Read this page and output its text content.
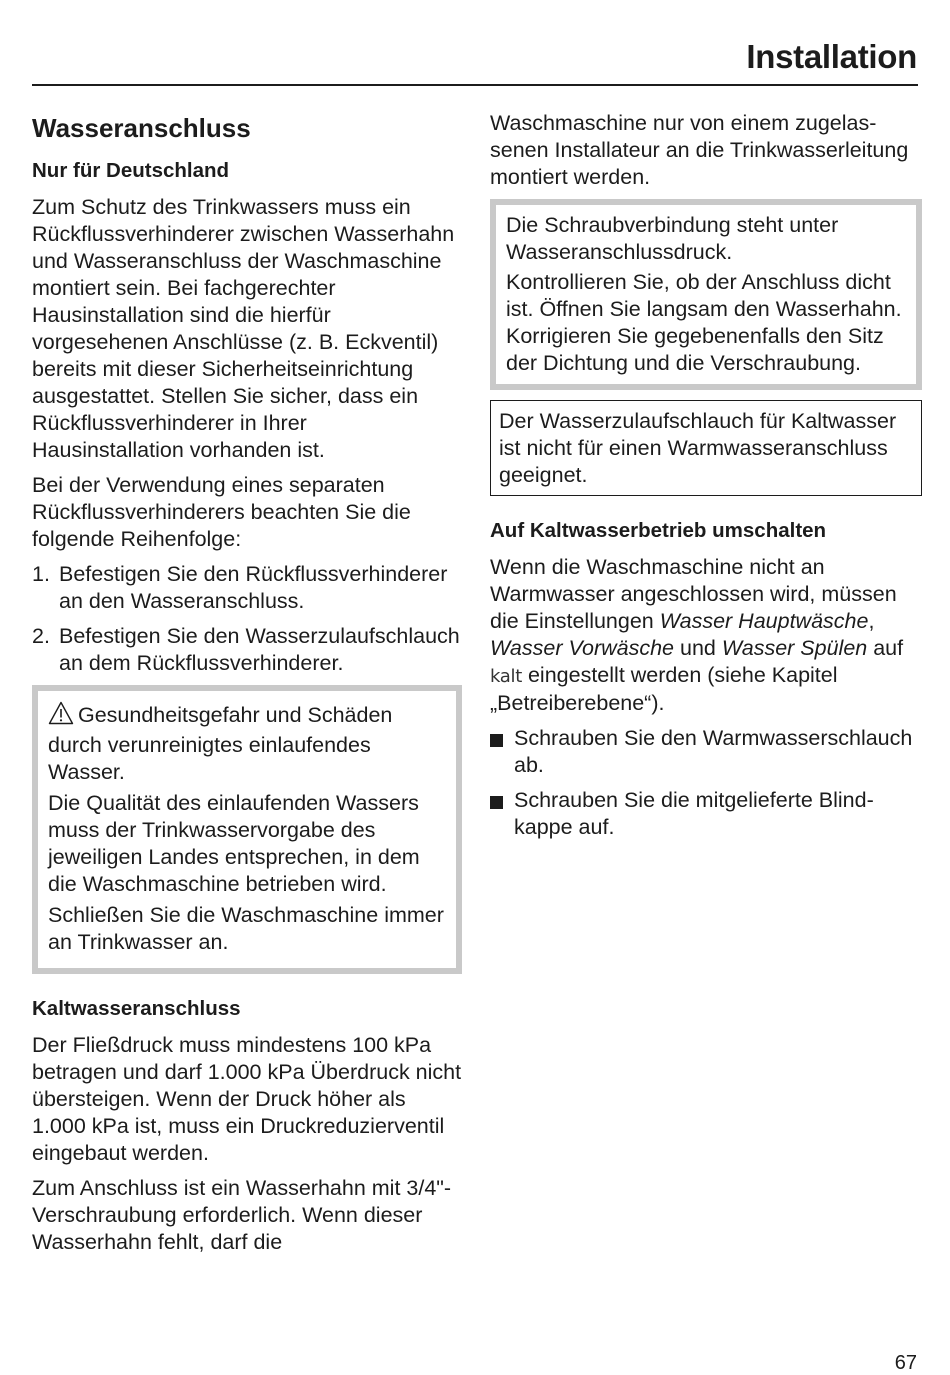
Installation
Wasseranschluss
Nur für Deutschland

Zum Schutz des Trinkwassers muss ein Rückflussverhinderer zwischen Wasserhahn und Wasseranschluss der Waschmaschine montiert sein. Bei fachgerechter Hausinstallation sind die hierfür vorgesehenen Anschlüsse (z. B. Eckventil) bereits mit dieser Sicherheitseinrichtung ausgestattet. Stellen Sie sicher, dass ein Rückflussverhinderer in Ihrer Hausinstallation vorhanden ist.

Bei der Verwendung eines separaten Rückflussverhinderers beachten Sie die folgende Reihenfolge:

1. Befestigen Sie den Rückflussverhinderer an den Wasseranschluss.
2. Befestigen Sie den Wasserzulaufschlauch an dem Rückflussverhinderer.

Gesundheitsgefahr und Schäden durch verunreinigtes einlaufendes Wasser.

Die Qualität des einlaufenden Wassers muss der Trinkwasservorgabe des jeweiligen Landes entsprechen, in dem die Waschmaschine betrieben wird.

Schließen Sie die Waschmaschine immer an Trinkwasser an.

Kaltwasseranschluss

Der Fließdruck muss mindestens 100 kPa betragen und darf 1.000 kPa Überdruck nicht übersteigen. Wenn der Druck höher als 1.000 kPa ist, muss ein Druckreduzierventil eingebaut werden.

Zum Anschluss ist ein Wasserhahn mit 3/4"-Verschraubung erforderlich. Wenn dieser Wasserhahn fehlt, darf die

Waschmaschine nur von einem zugelassenen Installateur an die Trinkwasserleitung montiert werden.

Die Schraubverbindung steht unter Wasseranschlussdruck.

Kontrollieren Sie, ob der Anschluss dicht ist. Öffnen Sie langsam den Wasserhahn. Korrigieren Sie gegebenenfalls den Sitz der Dichtung und die Verschraubung.

Der Wasserzulaufschlauch für Kaltwasser ist nicht für einen Warmwasseranschluss geeignet.

Auf Kaltwasserbetrieb umschalten

Wenn die Waschmaschine nicht an Warmwasser angeschlossen wird, müssen die Einstellungen Wasser Hauptwäsche, Wasser Vorwäsche und Wasser Spülen auf kalt eingestellt werden (siehe Kapitel „Betreiberebene“).

Schrauben Sie den Warmwasserschlauch ab.
Schrauben Sie die mitgelieferte Blindkappe auf.
67
